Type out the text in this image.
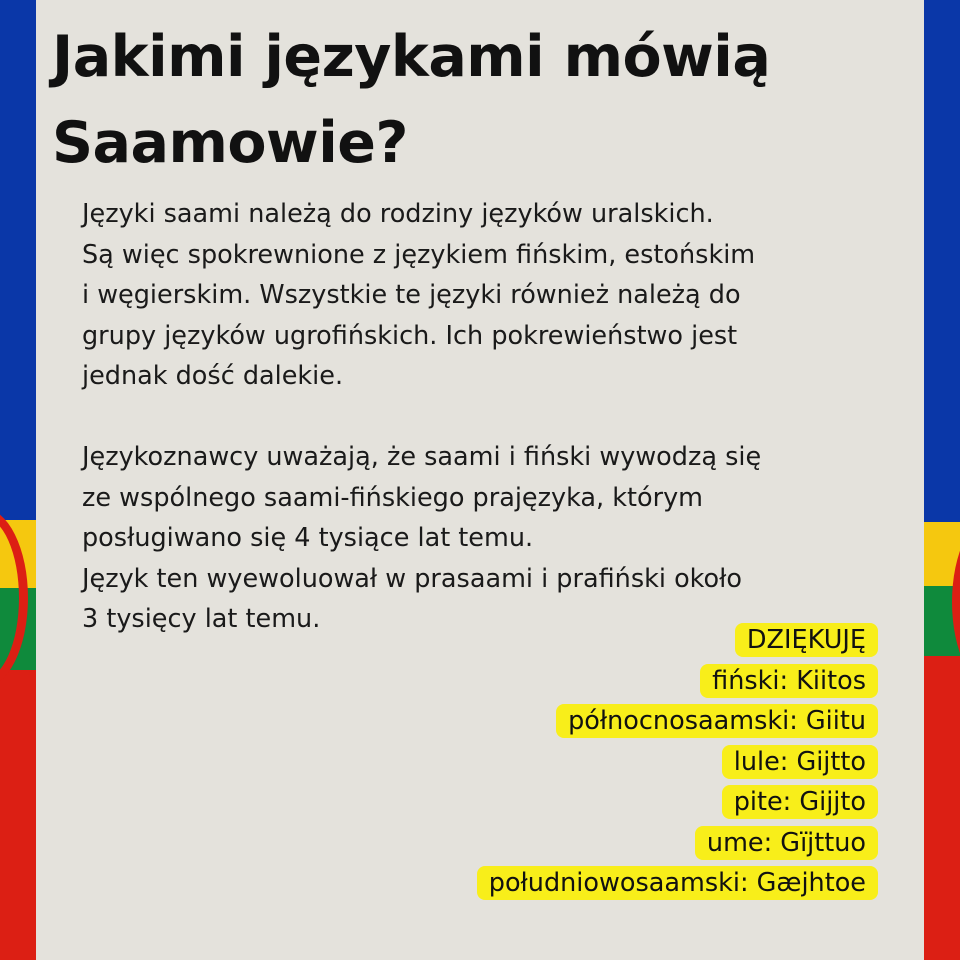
Jakimi językami mówią
Saamowie?

Języki saami należą do rodziny języków uralskich.
Są więc spokrewnione z językiem fińskim, estońskim
i węgierskim. Wszystkie te języki również należą do
grupy języków ugrofińskich. Ich pokrewieństwo jest
jednak dość dalekie.

Językoznawcy uważają, że saami i fiński wywodzą się
ze wspólnego saami-fińskiego prajęzyka, którym
posługiwano się 4 tysiące lat temu.
Język ten wyewoluował w prasaami i prafiński około
3 tysięcy lat temu.

DZIĘKUJĘ
fiński: Kiitos
północnosaamski: Giitu
lule: Gijtto
pite: Gijjto
ume: Gïjttuo
południowosaamski: Gæjhtoe
